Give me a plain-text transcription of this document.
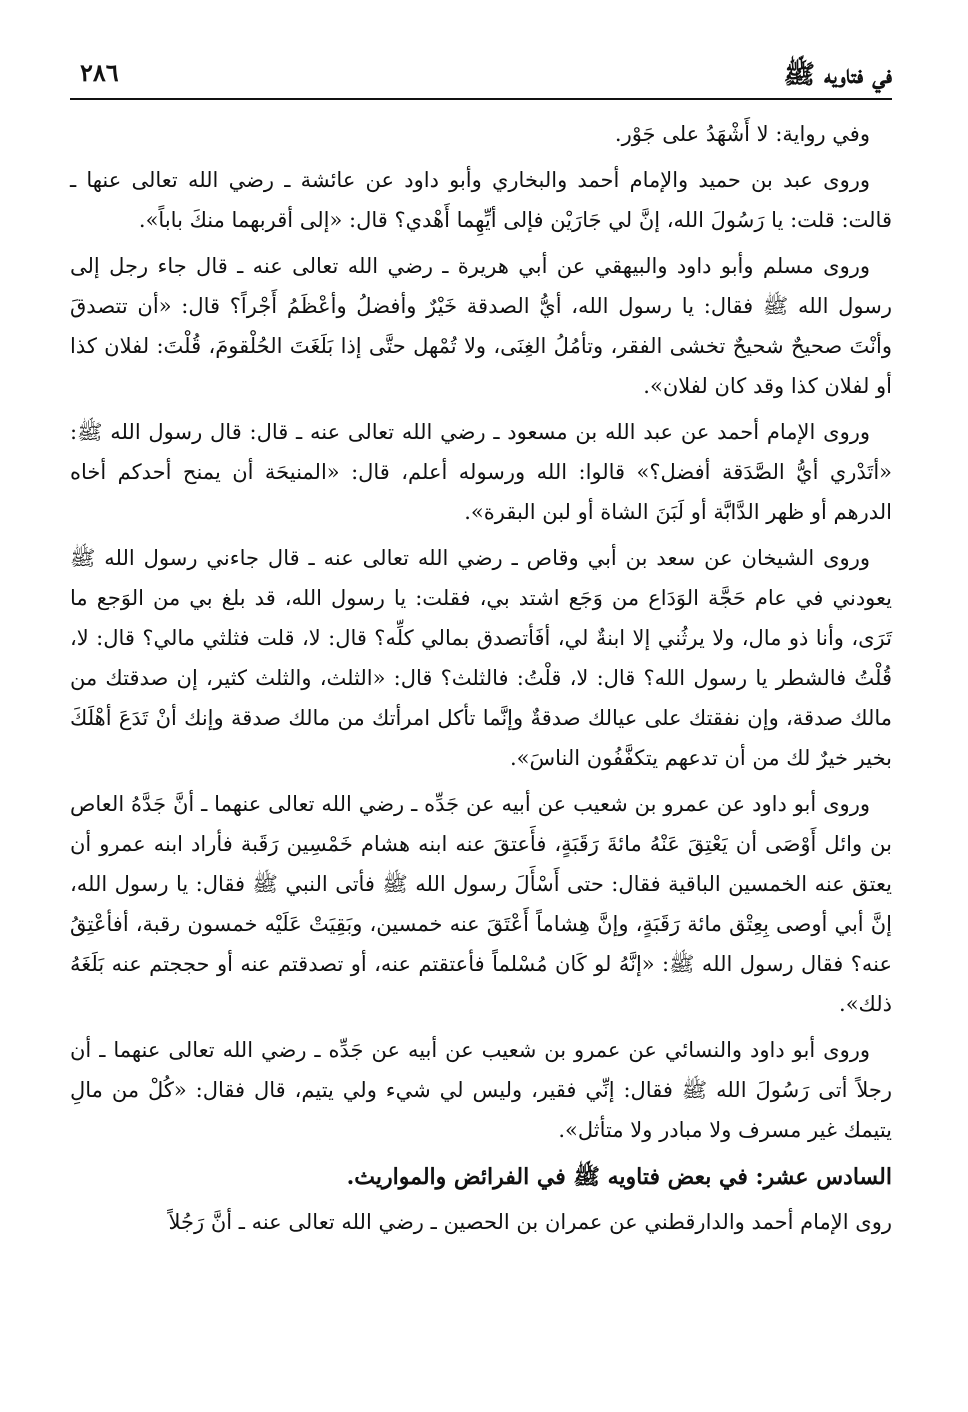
في فتاويه ﷺ
٢٨٦

وفي رواية: لا أَشْهَدُ على جَوْر.

وروى عبد بن حميد والإمام أحمد والبخاري وأبو داود عن عائشة ـ رضي الله تعالى عنها ـ قالت: قلت: يا رَسُولَ الله، إنَّ لي جَارَيْن فإلى أيِّهِما أَهْدي؟ قال: «إلى أقربهما منكَ باباً».

وروى مسلم وأبو داود والبيهقي عن أبي هريرة ـ رضي الله تعالى عنه ـ قال جاء رجل إلى رسول الله ﷺ فقال: يا رسول الله، أيُّ الصدقة خَيْرٌ وأفضلُ وأعْظَمُ أَجْراً؟ قال: «أن تتصدقَ وأنْتَ صحيحٌ شحيحٌ تخشى الفقر، وتأمُلُ الغِنَى، ولا تُمْهل حتَّى إذا بَلَغَتَ الحُلْقومَ، قُلْتَ: لفلان كذا أو لفلان كذا وقد كان لفلان».

وروى الإمام أحمد عن عبد الله بن مسعود ـ رضي الله تعالى عنه ـ قال: قال رسول الله ﷺ: «أتَدْري أيُّ الصَّدَقة أفضل؟» قالوا: الله ورسوله أعلم، قال: «المنيحَة أن يمنح أحدكم أخاه الدرهم أو ظهر الدَّابَّة أو لَبَنَ الشاة أو لبن البقرة».

وروى الشيخان عن سعد بن أبي وقاص ـ رضي الله تعالى عنه ـ قال جاءني رسول الله ﷺ يعودني في عام حَجَّة الوَدَاع من وَجَع اشتد بي، فقلت: يا رسول الله، قد بلغ بي من الوَجع ما تَرَى، وأنا ذو مال، ولا يرثُني إلا ابنةٌ لي، أفَأتصدق بمالي كلِّه؟ قال: لا، قلت فثلثي مالي؟ قال: لا، قُلْتُ فالشطر يا رسول الله؟ قال: لا، قلْتُ: فالثلث؟ قال: «الثلث، والثلث كثير، إن صدقتك من مالك صدقة، وإن نفقتك على عيالك صدقةٌ وإنَّما تأكل امرأتك من مالك صدقة وإنك أنْ تَدَعَ أهْلَكَ بخير خيرٌ لك من أن تدعهم يتكفَّفُون الناسَ».

وروى أبو داود عن عمرو بن شعيب عن أبيه عن جَدِّه ـ رضي الله تعالى عنهما ـ أنَّ جَدَّهُ العاص بن وائل أَوْصَى أن يَعْتِقَ عَنْهُ مائةَ رَقَبَةٍ، فأَعتقَ عنه ابنه هشام خَمْسِين رَقَبة فأراد ابنه عمرو أن يعتق عنه الخمسين الباقية فقال: حتى أَسْأَلَ رسول الله ﷺ فأتى النبي ﷺ فقال: يا رسول الله، إنَّ أبي أوصى بِعِتْق مائة رَقَبَةٍ، وإنَّ هِشاماً أَعْتَقَ عنه خمسين، وبَقِيَتْ عَلَيْه خمسون رقبة، أفأعْتِقُ عنه؟ فقال رسول الله ﷺ: «إنَّهُ لو كَان مُسْلماً فأعتقتم عنه، أو تصدقتم عنه أو حججتم عنه بَلَغَهُ ذلك».

وروى أبو داود والنسائي عن عمرو بن شعيب عن أبيه عن جَدِّه ـ رضي الله تعالى عنهما ـ أن رجلاً أتى رَسُولَ الله ﷺ فقال: إنِّي فقير، وليس لي شيء ولي يتيم، قال فقال: «كُلْ من مالِ يتيمك غير مسرف ولا مبادر ولا متأثل».

السادس عشر: في بعض فتاويه ﷺ في الفرائض والمواريث.

روى الإمام أحمد والدارقطني عن عمران بن الحصين ـ رضي الله تعالى عنه ـ أنَّ رَجُلاً
